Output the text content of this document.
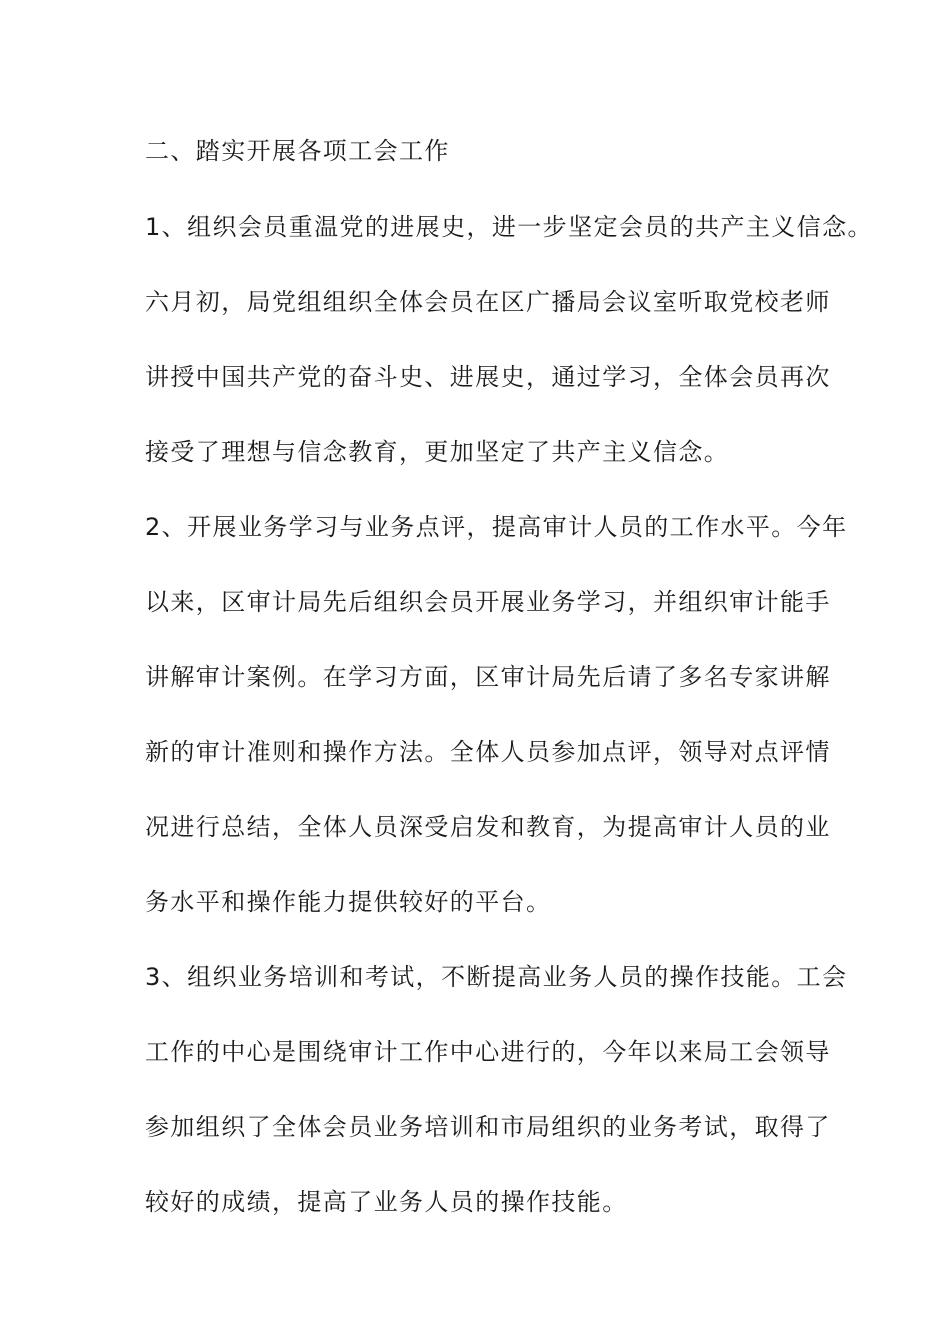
二、踏实开展各项工会工作
1、组织会员重温党的进展史，进一步坚定会员的共产主义信念。
六月初，局党组组织全体会员在区广播局会议室听取党校老师
讲授中国共产党的奋斗史、进展史，通过学习，全体会员再次
接受了理想与信念教育，更加坚定了共产主义信念。
2、开展业务学习与业务点评，提高审计人员的工作水平。今年
以来，区审计局先后组织会员开展业务学习，并组织审计能手
讲解审计案例。在学习方面，区审计局先后请了多名专家讲解
新的审计准则和操作方法。全体人员参加点评，领导对点评情
况进行总结，全体人员深受启发和教育，为提高审计人员的业
务水平和操作能力提供较好的平台。
3、组织业务培训和考试，不断提高业务人员的操作技能。工会
工作的中心是围绕审计工作中心进行的，今年以来局工会领导
参加组织了全体会员业务培训和市局组织的业务考试，取得了
较好的成绩，提高了业务人员的操作技能。
